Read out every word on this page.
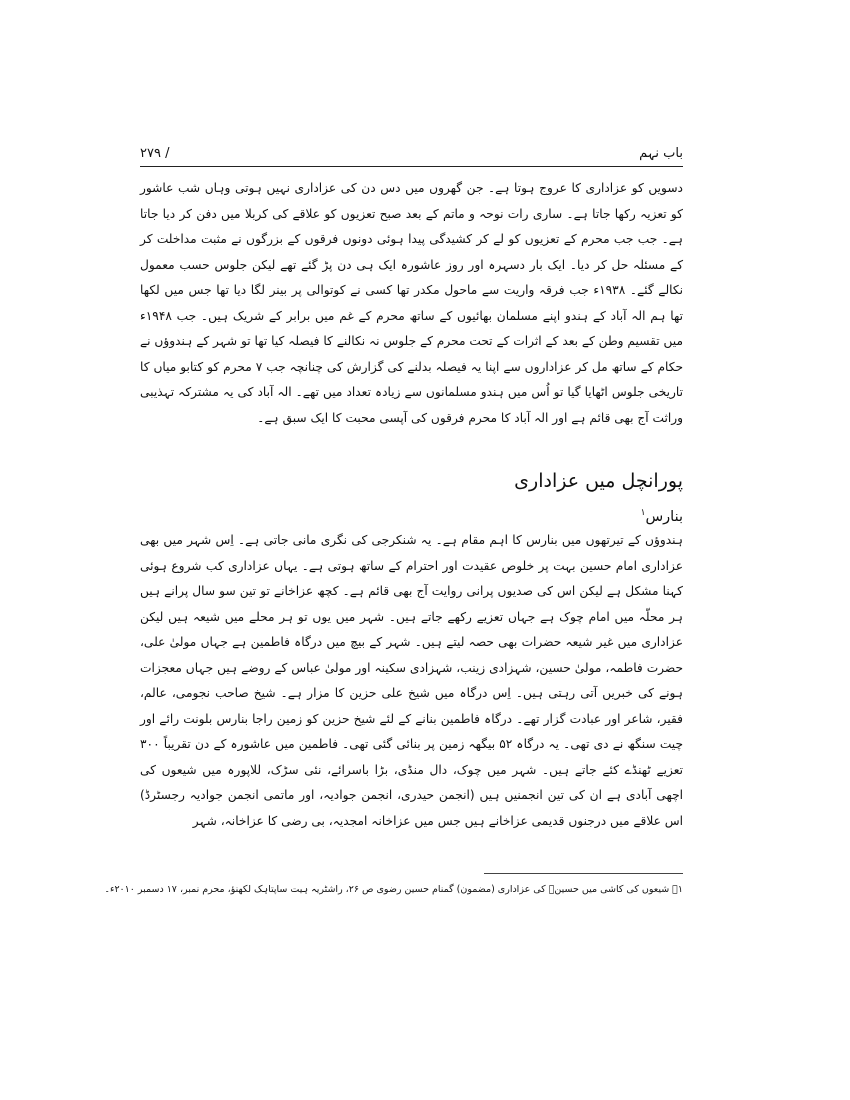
باب نہم
/ ۲۷۹

دسویں کو عزاداری کا عروج ہوتا ہے۔ جن گھروں میں دس دن کی عزاداری نہیں ہوتی وہاں شب عاشور کو تعزیہ رکھا جاتا ہے۔ ساری رات نوحہ و ماتم کے بعد صبح تعزیوں کو علاقے کی کربلا میں دفن کر دیا جاتا ہے۔ جب جب محرم کے تعزیوں کو لے کر کشیدگی پیدا ہوئی دونوں فرقوں کے بزرگوں نے مثبت مداخلت کر کے مسئلہ حل کر دیا۔ ایک بار دسہرہ اور روز عاشورہ ایک ہی دن پڑ گئے تھے لیکن جلوس حسب معمول نکالے گئے۔ ۱۹۳۸ء جب فرقہ واریت سے ماحول مکدر تھا کسی نے کوتوالی پر بینر لگا دیا تھا جس میں لکھا تھا ہم الہ آباد کے ہندو اپنے مسلمان بھائیوں کے ساتھ محرم کے غم میں برابر کے شریک ہیں۔ جب ۱۹۴۸ء میں تقسیم وطن کے بعد کے اثرات کے تحت محرم کے جلوس نہ نکالنے کا فیصلہ کیا تھا تو شہر کے ہندوؤں نے حکام کے ساتھ مل کر عزاداروں سے اپنا یہ فیصلہ بدلنے کی گزارش کی چنانچہ جب ۷ محرم کو کتابو میاں کا تاریخی جلوس اٹھایا گیا تو اُس میں ہندو مسلمانوں سے زیادہ تعداد میں تھے۔ الہ آباد کی یہ مشترکہ تہذیبی وراثت آج بھی قائم ہے اور الہ آباد کا محرم فرقوں کی آپسی محبت کا ایک سبق ہے۔

پورانچل میں عزاداری
بنارس$^۱$

ہندوؤں کے تیرتھوں میں بنارس کا اہم مقام ہے۔ یہ شنکرجی کی نگری مانی جاتی ہے۔ اِس شہر میں بھی عزاداری امام حسین بہت پر خلوص عقیدت اور احترام کے ساتھ ہوتی ہے۔ یہاں عزاداری کب شروع ہوئی کہنا مشکل ہے لیکن اس کی صدیوں پرانی روایت آج بھی قائم ہے۔ کچھ عزاخانے تو تین سو سال پرانے ہیں ہر محلّہ میں امام چوک ہے جہاں تعزیے رکھے جاتے ہیں۔ شہر میں یوں تو ہر محلے میں شیعہ ہیں لیکن عزاداری میں غیر شیعہ حضرات بھی حصہ لیتے ہیں۔ شہر کے بیچ میں درگاہ فاطمین ہے جہاں مولیٰ علی، حضرت فاطمہ، مولیٰ حسین، شہزادی زینب، شہزادی سکینہ اور مولیٰ عباس کے روضے ہیں جہاں معجزات ہونے کی خبریں آتی رہتی ہیں۔ اِس درگاہ میں شیخ علی حزین کا مزار ہے۔ شیخ صاحب نجومی، عالم، فقیر، شاعر اور عبادت گزار تھے۔ درگاہ فاطمین بنانے کے لئے شیخ حزین کو زمین راجا بنارس بلونت رائے اور چیت سنگھ نے دی تھی۔ یہ درگاہ ۵۲ بیگھہ زمین پر بنائی گئی تھی۔ فاطمین میں عاشورہ کے دن تقریباً ۳۰۰ تعزیے ٹھنڈے کئے جاتے ہیں۔ شہر میں چوک، دال منڈی، بڑا باسرائے، نئی سڑک، للاپورہ میں شیعوں کی اچھی آبادی ہے ان کی تین انجمنیں ہیں (انجمن حیدری، انجمن جوادیہ، اور ماتمی انجمن جوادیہ رجسٹرڈ) اس علاقے میں درجنوں قدیمی عزاخانے ہیں جس میں عزاخانہ امجدیہ، بی رضی کا عزاخانہ، شہر

۱۔ شیعوں کی کاشی میں حسینؑ کی عزاداری (مضمون) گمنام حسین رضوی ص ۲۶، راشٹریہ ہیت ساپتاہک لکھنؤ، محرم نمبر، ۱۷ دسمبر ۲۰۱۰ء۔
